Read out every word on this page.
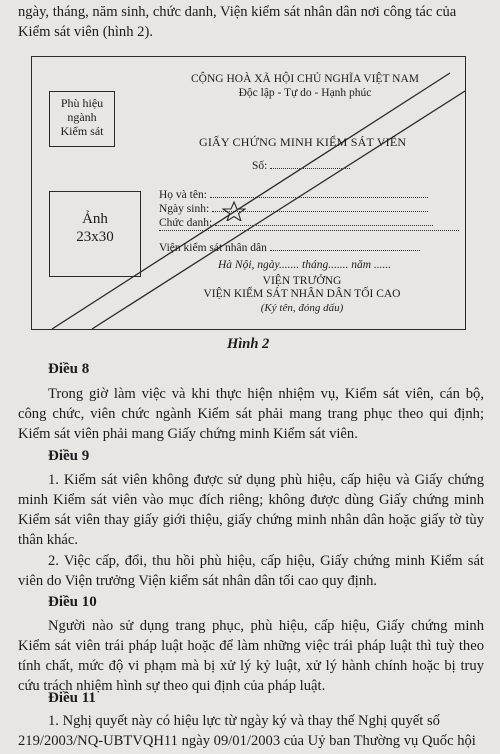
ngày, tháng, năm sinh, chức danh, Viện kiểm sát nhân dân nơi công tác của
Kiểm sát viên (hình 2).
Phù hiệu
ngành
Kiểm sát
Ảnh
23x30
CỘNG HOÀ XÃ HỘI CHỦ NGHĨA VIỆT NAM
Độc lập - Tự do - Hạnh phúc
GIẤY CHỨNG MINH KIỂM SÁT VIÊN
Số:
Họ và tên:
Ngày sinh:
Chức danh:
Viện kiểm sát nhân dân
Hà Nội, ngày....... tháng....... năm ......
VIỆN TRƯỞNG
VIỆN KIỂM SÁT NHÂN DÂN TỐI CAO
(Ký tên, đóng dấu)
Hình 2
Điều 8
Trong giờ làm việc và khi thực hiện nhiệm vụ, Kiểm sát viên, cán bộ, công chức, viên chức ngành Kiểm sát phải mang trang phục theo qui định; Kiểm sát viên phải mang Giấy chứng minh Kiểm sát viên.
Điều 9
1. Kiểm sát viên không được sử dụng phù hiệu, cấp hiệu và Giấy chứng minh Kiểm sát viên vào mục đích riêng; không được dùng Giấy chứng minh Kiểm sát viên thay giấy giới thiệu, giấy chứng minh nhân dân hoặc giấy tờ tùy thân khác.
2. Việc cấp, đổi, thu hồi phù hiệu, cấp hiệu, Giấy chứng minh Kiểm sát viên do Viện trưởng Viện kiểm sát nhân dân tối cao quy định.
Điều 10
Người nào sử dụng trang phục, phù hiệu, cấp hiệu, Giấy chứng minh Kiểm sát viên trái pháp luật hoặc để làm những việc trái pháp luật thì tuỳ theo tính chất, mức độ vi phạm mà bị xử lý kỷ luật, xử lý hành chính hoặc bị truy cứu trách nhiệm hình sự theo qui định của pháp luật.
Điều 11
1. Nghị quyết này có hiệu lực từ ngày ký và thay thế Nghị quyết số
219/2003/NQ-UBTVQH11 ngày 09/01/2003 của Uỷ ban Thường vụ Quốc hội
